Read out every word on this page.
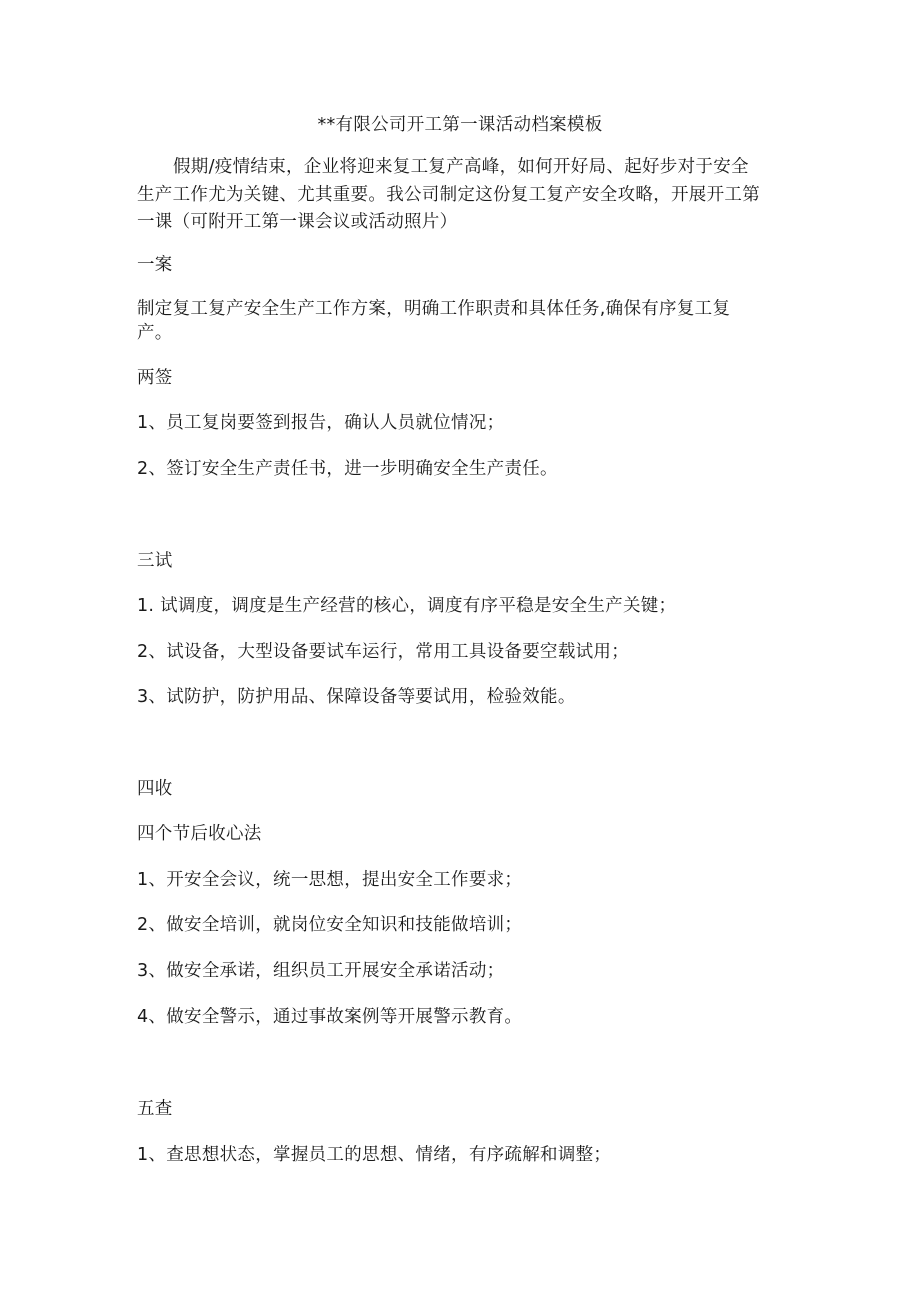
**有限公司开工第一课活动档案模板
假期/疫情结束，企业将迎来复工复产高峰，如何开好局、起好步对于安全
生产工作尤为关键、尤其重要。我公司制定这份复工复产安全攻略，开展开工第
一课（可附开工第一课会议或活动照片）
一案
制定复工复产安全生产工作方案，明确工作职责和具体任务,确保有序复工复
产。
两签
1、员工复岗要签到报告，确认人员就位情况；
2、签订安全生产责任书，进一步明确安全生产责任。
三试
1. 试调度，调度是生产经营的核心，调度有序平稳是安全生产关键；
2、试设备，大型设备要试车运行，常用工具设备要空载试用；
3、试防护，防护用品、保障设备等要试用，检验效能。
四收
四个节后收心法
1、开安全会议，统一思想，提出安全工作要求；
2、做安全培训，就岗位安全知识和技能做培训；
3、做安全承诺，组织员工开展安全承诺活动；
4、做安全警示，通过事故案例等开展警示教育。
五查
1、查思想状态，掌握员工的思想、情绪，有序疏解和调整；
